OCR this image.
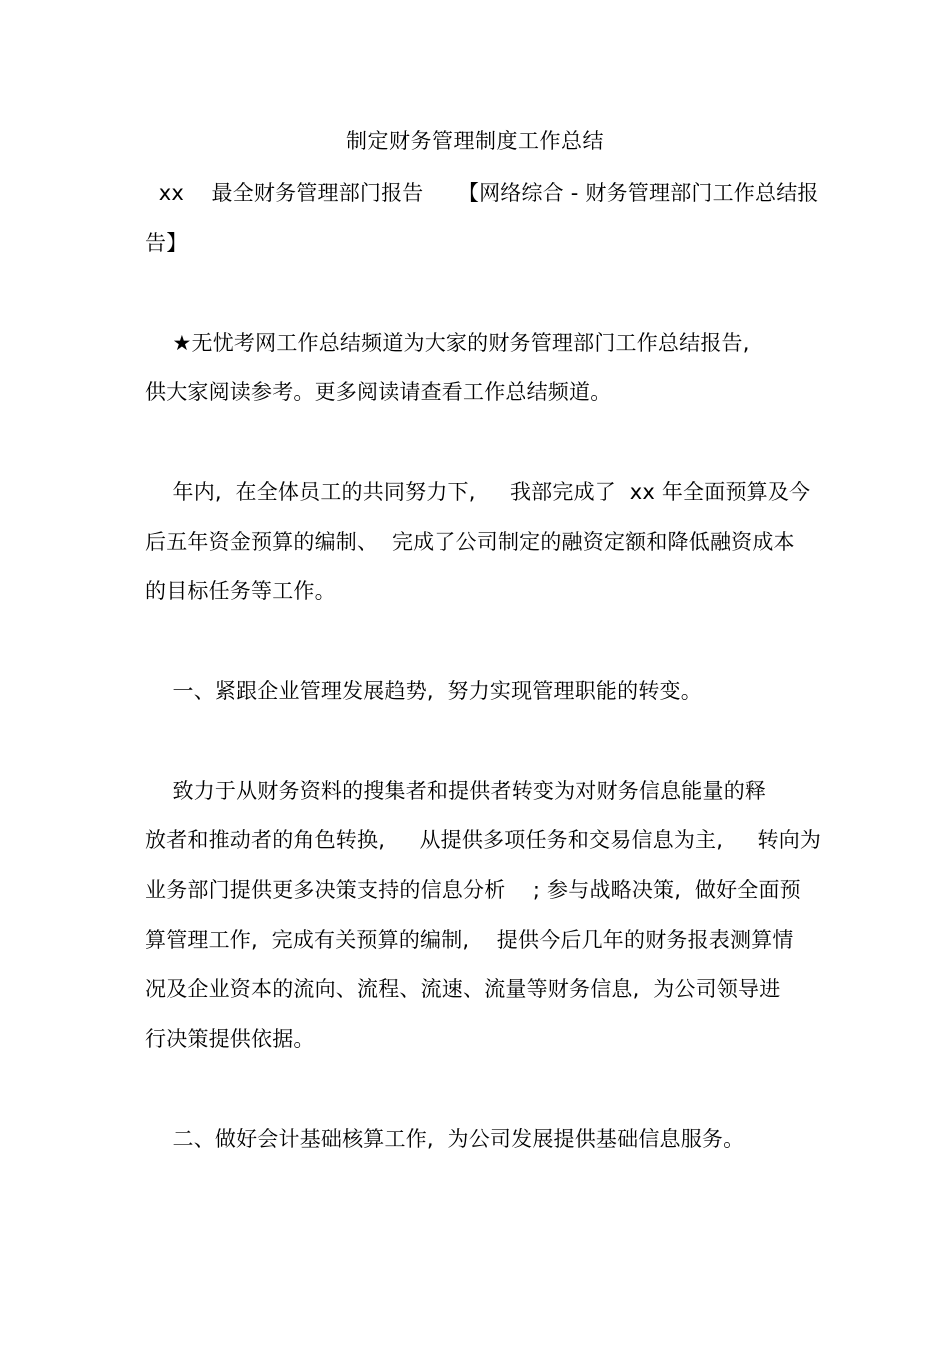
制定财务管理制度工作总结
xx    最全财务管理部门报告     【网络综合 - 财务管理部门工作总结报
告】
★无忧考网工作总结频道为大家的财务管理部门工作总结报告,
供大家阅读参考。更多阅读请查看工作总结频道。
年内,  在全体员工的共同努力下,     我部完成了  xx 年全面预算及今
后五年资金预算的编制、  完成了公司制定的融资定额和降低融资成本
的目标任务等工作。
一、紧跟企业管理发展趋势,  努力实现管理职能的转变。
致力于从财务资料的搜集者和提供者转变为对财务信息能量的释
放者和推动者的角色转换,     从提供多项任务和交易信息为主,     转向为
业务部门提供更多决策支持的信息分析    ; 参与战略决策,  做好全面预
算管理工作,  完成有关预算的编制,    提供今后几年的财务报表测算情
况及企业资本的流向、流程、流速、流量等财务信息,  为公司领导进
行决策提供依据。
二、做好会计基础核算工作,  为公司发展提供基础信息服务。
